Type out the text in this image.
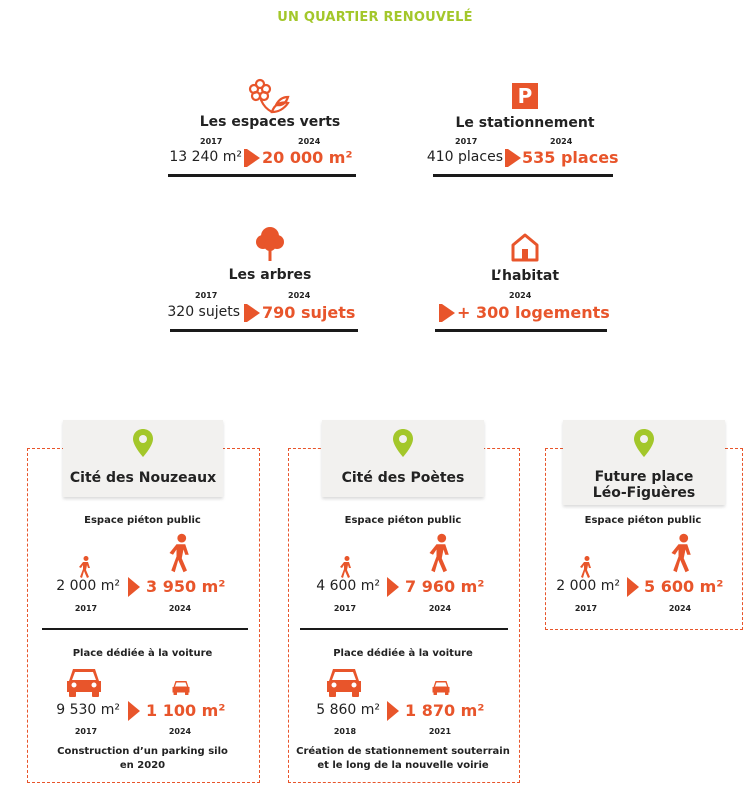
UN QUARTIER RENOUVELÉ
Les espaces verts
2017	2024
13 240 m² 20 000 m²
P
Le stationnement
2017	2024
410 places 535 places
Les arbres
2017	2024
320 sujets 790 sujets
L’habitat
2024
+ 300 logements
Cité des Nouzeaux
Espace piéton public
2 000 m² 3 950 m²
2017	2024
Place dédiée à la voiture
9 530 m² 1 100 m²
2017	2024
Construction d’un parking silo
en 2020
Cité des Poètes
Espace piéton public
4 600 m² 7 960 m²
2017	2024
Place dédiée à la voiture
5 860 m² 1 870 m²
2018	2021
Création de stationnement souterrain
et le long de la nouvelle voirie
Future place
Léo-Figuères
Espace piéton public
2 000 m² 5 600 m²
2017	2024
